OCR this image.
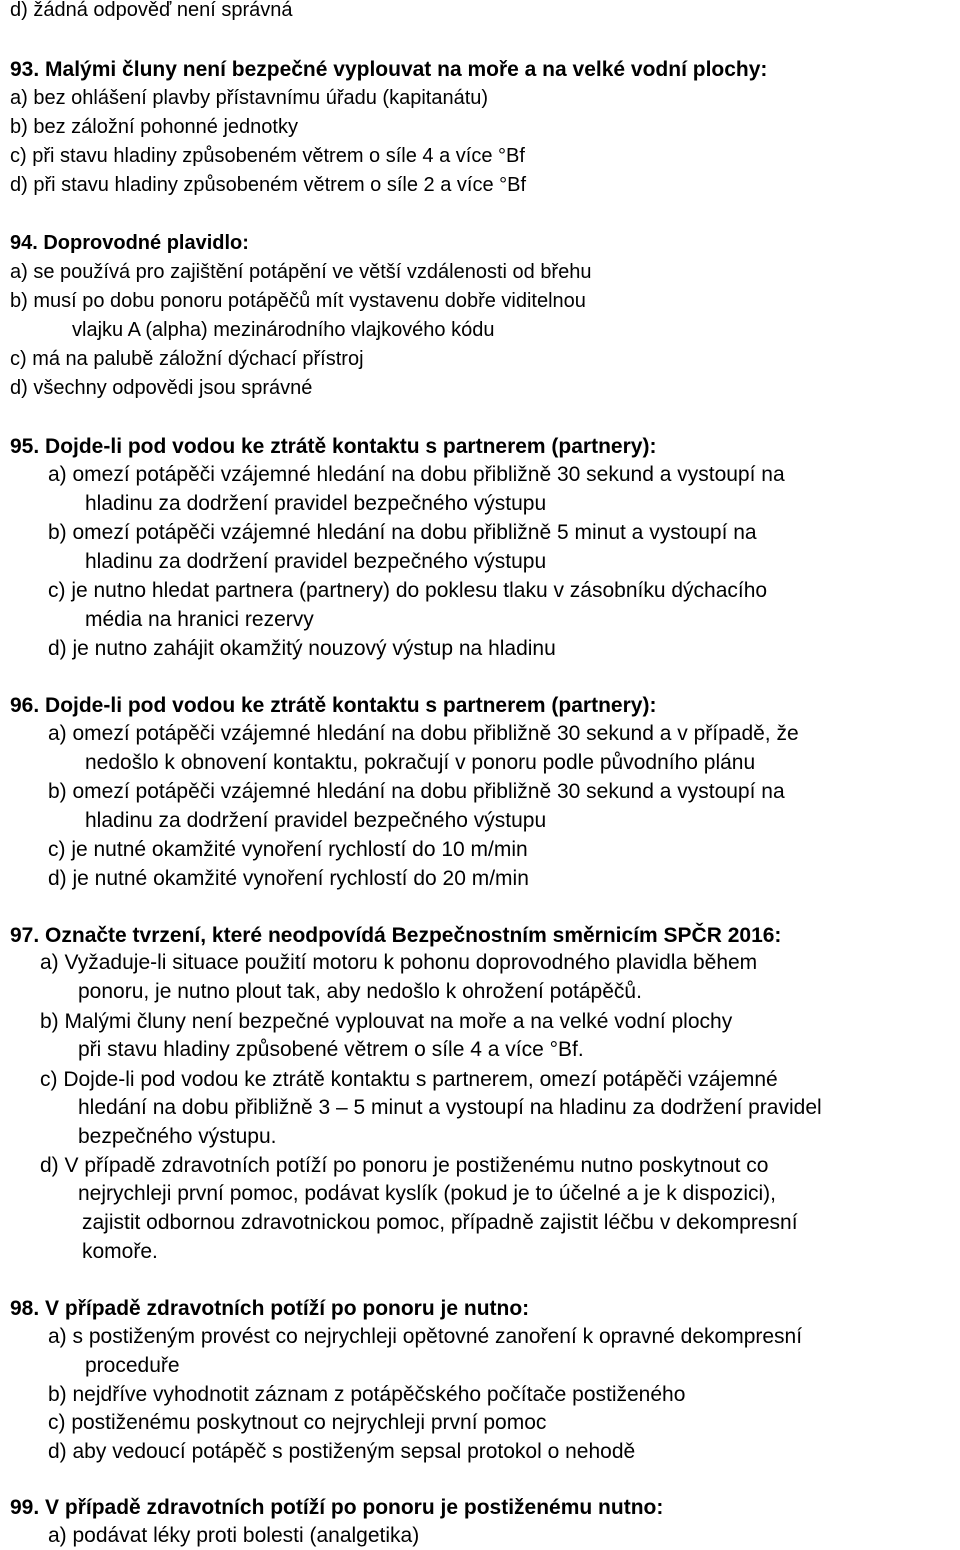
d) žádná odpověď není správná
93. Malými čluny není bezpečné vyplouvat na moře a na velké vodní plochy:
a) bez ohlášení plavby přístavnímu úřadu (kapitanátu)
b) bez záložní pohonné jednotky
c) při stavu hladiny způsobeném větrem o síle 4 a více °Bf
d) při stavu hladiny způsobeném větrem o síle 2 a více °Bf
94. Doprovodné plavidlo:
a) se používá pro zajištění potápění ve větší vzdálenosti od břehu
b) musí po dobu ponoru potápěčů mít vystavenu dobře viditelnou
vlajku A (alpha) mezinárodního vlajkového kódu
c) má na palubě záložní dýchací přístroj
d) všechny odpovědi jsou správné
95. Dojde-li pod vodou ke ztrátě kontaktu s partnerem (partnery):
a) omezí potápěči vzájemné hledání na dobu přibližně 30 sekund a vystoupí na
hladinu za dodržení pravidel bezpečného výstupu
b) omezí potápěči vzájemné hledání na dobu přibližně 5 minut a vystoupí na
hladinu za dodržení pravidel bezpečného výstupu
c) je nutno hledat partnera (partnery) do poklesu tlaku v zásobníku dýchacího
média na hranici rezervy
d) je nutno zahájit okamžitý nouzový výstup na hladinu
96. Dojde-li pod vodou ke ztrátě kontaktu s partnerem (partnery):
a) omezí potápěči vzájemné hledání na dobu přibližně 30 sekund a v případě, že
nedošlo k obnovení kontaktu, pokračují v ponoru podle původního plánu
b) omezí potápěči vzájemné hledání na dobu přibližně 30 sekund a vystoupí na
hladinu za dodržení pravidel bezpečného výstupu
c) je nutné okamžité vynoření rychlostí do 10 m/min
d) je nutné okamžité vynoření rychlostí do 20 m/min
97. Označte tvrzení, které neodpovídá Bezpečnostním směrnicím SPČR 2016:
a) Vyžaduje-li situace použití motoru k pohonu doprovodného plavidla během
ponoru, je nutno plout tak, aby nedošlo k ohrožení potápěčů.
b) Malými čluny není bezpečné vyplouvat na moře a na velké vodní plochy
při stavu hladiny způsobené větrem o síle 4 a více °Bf.
c) Dojde-li pod vodou ke ztrátě kontaktu s partnerem, omezí potápěči vzájemné
hledání na dobu přibližně 3 – 5 minut a vystoupí na hladinu za dodržení pravidel
bezpečného výstupu.
d) V případě zdravotních potíží po ponoru je postiženému nutno poskytnout co
nejrychleji první pomoc, podávat kyslík (pokud je to účelné a je k dispozici),
zajistit odbornou zdravotnickou pomoc, případně zajistit léčbu v dekompresní
komoře.
98. V případě zdravotních potíží po ponoru je nutno:
a) s postiženým provést co nejrychleji opětovné zanoření k opravné dekompresní
proceduře
b) nejdříve vyhodnotit záznam z potápěčského počítače postiženého
c) postiženému poskytnout co nejrychleji první pomoc
d) aby vedoucí potápěč s postiženým sepsal protokol o nehodě
99. V případě zdravotních potíží po ponoru je postiženému nutno:
a) podávat léky proti bolesti (analgetika)
